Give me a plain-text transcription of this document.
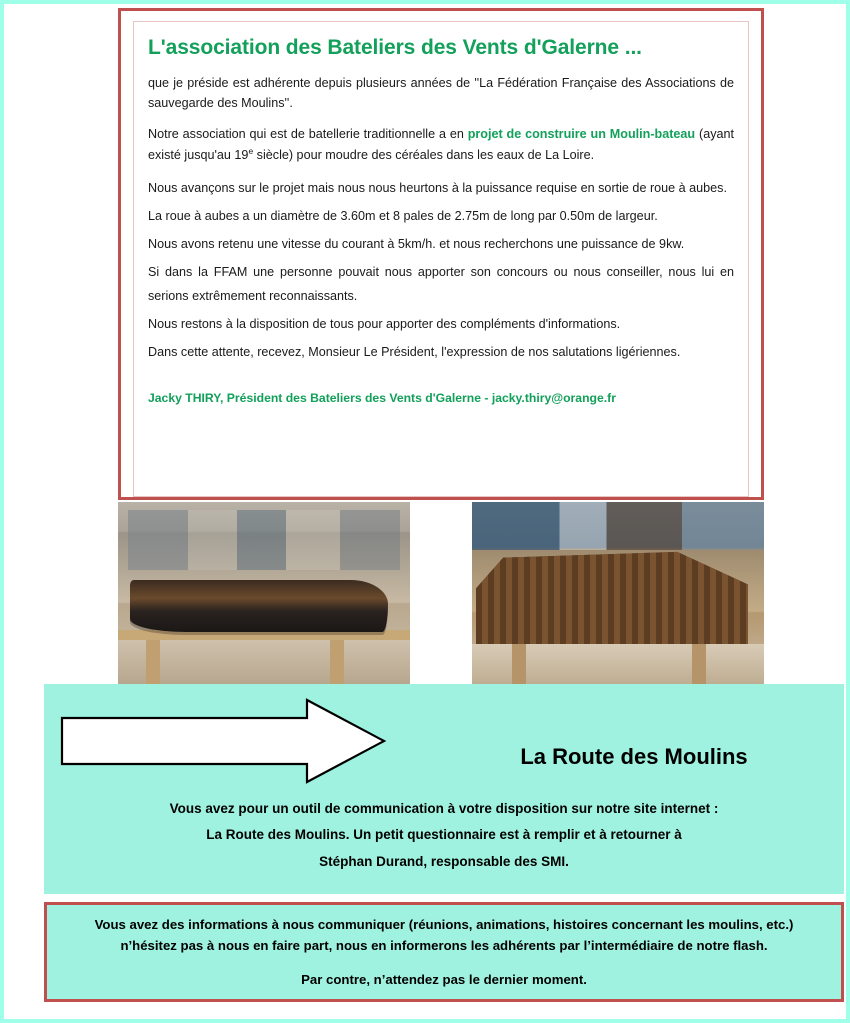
L'association des Bateliers des Vents d'Galerne ...

que je préside est adhérente depuis plusieurs années de ''La Fédération Française des Associations de sauvegarde des Moulins''.

Notre association qui est de batellerie traditionnelle a en projet de construire un Moulin-bateau (ayant existé jusqu'au 19e siècle) pour moudre des céréales dans les eaux de La Loire.

Nous avançons sur le projet mais nous nous heurtons à la puissance requise en sortie de roue à aubes.

La roue à aubes a un diamètre de 3.60m et 8 pales de 2.75m de long par 0.50m de largeur.

Nous avons retenu une vitesse du courant à 5km/h. et nous recherchons une puissance de 9kw.

Si dans la FFAM une personne pouvait nous apporter son concours ou nous conseiller, nous lui en serions extrêmement reconnaissants.

Nous restons à la disposition de tous pour apporter des compléments d'informations.

Dans cette attente, recevez, Monsieur Le Président, l'expression de nos salutations ligériennes.

Jacky THIRY, Président des Bateliers des Vents d'Galerne - jacky.thiry@orange.fr
La Route des Moulins
Vous avez pour un outil de communication à votre disposition sur notre site internet :
La Route des Moulins. Un petit questionnaire est à remplir et à retourner à
Stéphan Durand, responsable des SMI.
Vous avez des informations à nous communiquer (réunions, animations, histoires concernant les moulins, etc.)
n’hésitez pas à nous en faire part, nous en informerons les adhérents par l’intermédiaire de notre flash.
Par contre, n’attendez pas le dernier moment.
